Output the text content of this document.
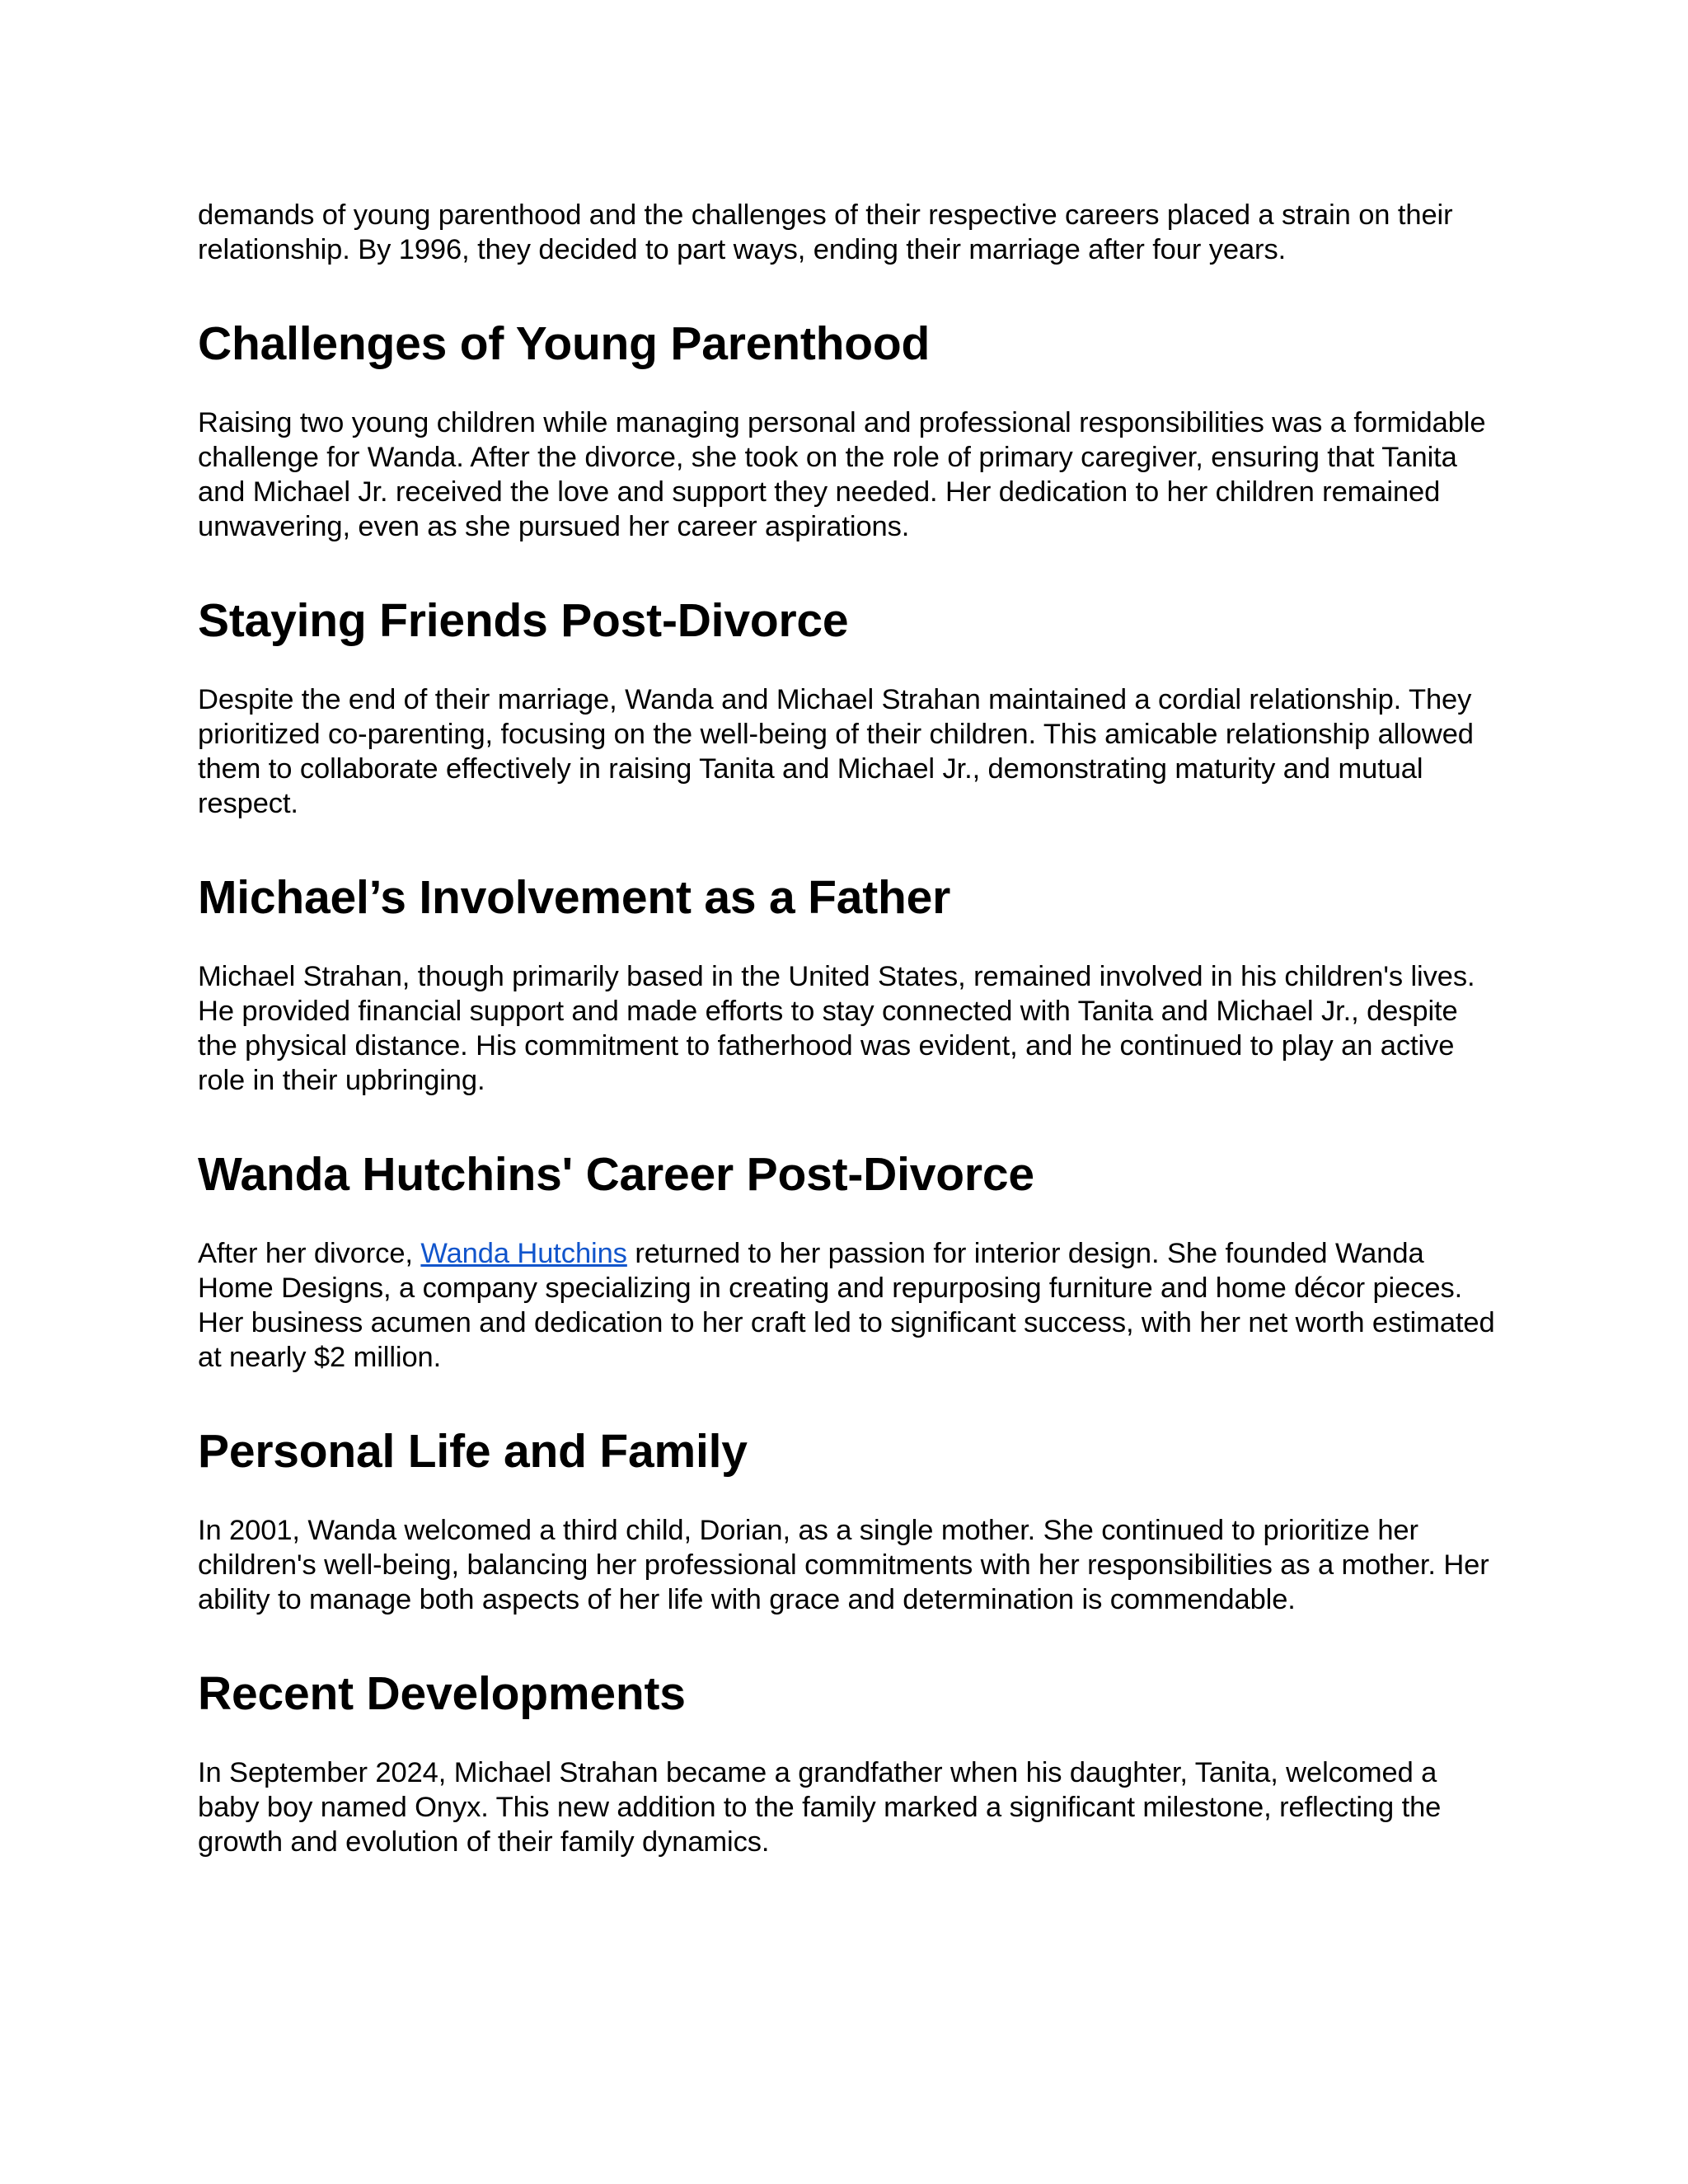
demands of young parenthood and the challenges of their respective careers placed a strain on their relationship. By 1996, they decided to part ways, ending their marriage after four years.

Challenges of Young Parenthood

Raising two young children while managing personal and professional responsibilities was a formidable challenge for Wanda. After the divorce, she took on the role of primary caregiver, ensuring that Tanita and Michael Jr. received the love and support they needed. Her dedication to her children remained unwavering, even as she pursued her career aspirations.

Staying Friends Post-Divorce

Despite the end of their marriage, Wanda and Michael Strahan maintained a cordial relationship. They prioritized co-parenting, focusing on the well-being of their children. This amicable relationship allowed them to collaborate effectively in raising Tanita and Michael Jr., demonstrating maturity and mutual respect.

Michael’s Involvement as a Father

Michael Strahan, though primarily based in the United States, remained involved in his children's lives. He provided financial support and made efforts to stay connected with Tanita and Michael Jr., despite the physical distance. His commitment to fatherhood was evident, and he continued to play an active role in their upbringing.

Wanda Hutchins' Career Post-Divorce

After her divorce, Wanda Hutchins returned to her passion for interior design. She founded Wanda Home Designs, a company specializing in creating and repurposing furniture and home décor pieces. Her business acumen and dedication to her craft led to significant success, with her net worth estimated at nearly $2 million.

Personal Life and Family

In 2001, Wanda welcomed a third child, Dorian, as a single mother. She continued to prioritize her children's well-being, balancing her professional commitments with her responsibilities as a mother. Her ability to manage both aspects of her life with grace and determination is commendable.

Recent Developments

In September 2024, Michael Strahan became a grandfather when his daughter, Tanita, welcomed a baby boy named Onyx. This new addition to the family marked a significant milestone, reflecting the growth and evolution of their family dynamics.
